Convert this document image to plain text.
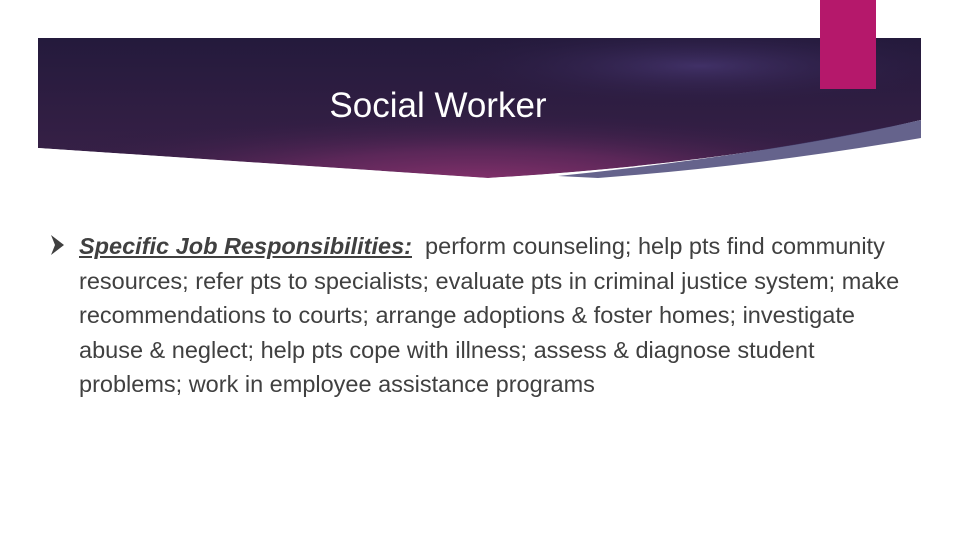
Social Worker
Specific Job Responsibilities:  perform counseling; help pts find community resources; refer pts to specialists; evaluate pts in criminal justice system; make recommendations to courts; arrange adoptions & foster homes; investigate abuse & neglect; help pts cope with illness; assess & diagnose student problems; work in employee assistance programs
